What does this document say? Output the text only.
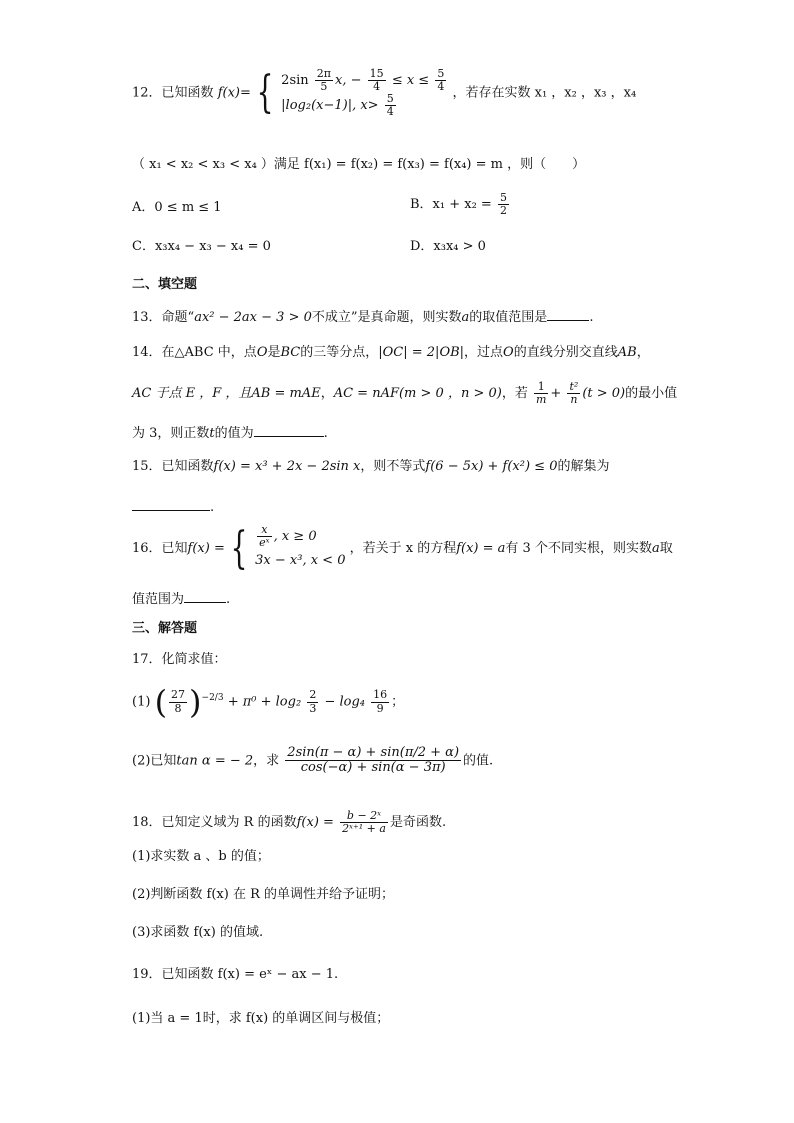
12．已知函数 f(x)= { $2\sin \frac{2\pi}{5} x$, − $\frac{15}{4} \le x \le \frac{5}{4}$
|log₂(x−1)|, $x> \frac{5}{4}$	，若存在实数 x₁ ，x₂ ，x₃ ，x₄
（ x₁ < x₂ < x₃ < x₄ ）满足 f(x₁) = f(x₂) = f(x₃) = f(x₄) = m ，则（　　）
A．0 ≤ m ≤ 1	B．$x_1 + x_2 = \frac{5}{2}$
C．x₃x₄ − x₃ − x₄ = 0	D．x₃x₄ > 0
二、填空题
13．命题“ax² − 2ax − 3 > 0不成立”是真命题，则实数a的取值范围是	.
14．在△ABC 中，点O是BC的三等分点，|OC| = 2|OB|，过点O的直线分别交直线AB，
AC 于点 E ，F ，且AB = mAE，AC = nAF(m > 0 ，n > 0)，若 $\frac{1}{m} + \frac{\text{t²}}{n} (t > 0)$的最小值
为 3，则正数t的值为	.
15．已知函数f(x) = x³ + 2x − 2sin x，则不等式f(6 − 5x) + f(x²) ≤ 0的解集为
.
16．已知f(x) = { $\frac{x}{\text{eˣ}}$ , x ≥ 0
3x − x³, x < 0
，若关于 x 的方程f(x) = a有 3 个不同实根，则实数a取
值范围为	.
三、解答题
17．化简求值：
(1) ( $\frac{27}{8} )^{-2/3} + \pi^0 + \log_2 \frac{2}{3} - \log_4 \frac{16}{9}$ ；
(2)已知tan α = − 2，求 $\frac{2\sin(\pi - \alpha) + \sin(\pi/2 + \alpha)}{\cos(-\alpha) + \sin(\alpha - 3\pi)}$ 的值.
18．已知定义域为 R 的函数$f(x) = \frac{\text{b − 2ˣ}}{\text{2ˣ⁺¹ + a}}$ 是奇函数.
(1)求实数 a 、b 的值；
(2)判断函数 f(x) 在 R 的单调性并给予证明；
(3)求函数 f(x) 的值域.
19．已知函数 f(x) = eˣ − ax − 1.
(1)当 a = 1时，求 f(x) 的单调区间与极值；
